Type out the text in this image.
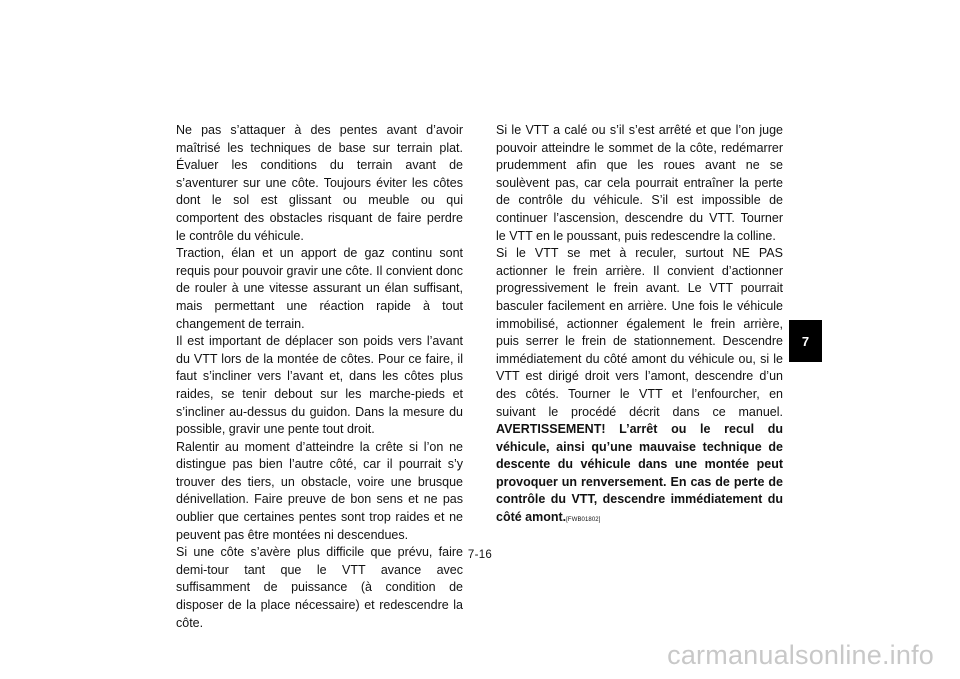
Ne pas s’attaquer à des pentes avant d’avoir maîtrisé les techniques de base sur terrain plat. Évaluer les conditions du terrain avant de s’aventurer sur une côte. Toujours éviter les côtes dont le sol est glissant ou meuble ou qui comportent des obstacles risquant de faire perdre le contrôle du véhicule.

Traction, élan et un apport de gaz continu sont requis pour pouvoir gravir une côte. Il convient donc de rouler à une vitesse assurant un élan suffisant, mais permettant une réaction rapide à tout changement de terrain.

Il est important de déplacer son poids vers l’avant du VTT lors de la montée de côtes. Pour ce faire, il faut s’incliner vers l’avant et, dans les côtes plus raides, se tenir debout sur les marche-pieds et s’incliner au-dessus du guidon. Dans la mesure du possible, gravir une pente tout droit.

Ralentir au moment d’atteindre la crête si l’on ne distingue pas bien l’autre côté, car il pourrait s’y trouver des tiers, un obstacle, voire une brusque dénivellation. Faire preuve de bon sens et ne pas oublier que certaines pentes sont trop raides et ne peuvent pas être montées ni descendues.

Si une côte s’avère plus difficile que prévu, faire demi-tour tant que le VTT avance avec suffisamment de puissance (à condition de disposer de la place nécessaire) et redescendre la côte.

Si le VTT a calé ou s’il s’est arrêté et que l’on juge pouvoir atteindre le sommet de la côte, redémarrer prudemment afin que les roues avant ne se soulèvent pas, car cela pourrait entraîner la perte de contrôle du véhicule. S’il est impossible de continuer l’ascension, descendre du VTT. Tourner le VTT en le poussant, puis redescendre la colline.

Si le VTT se met à reculer, surtout NE PAS actionner le frein arrière. Il convient d’actionner progressivement le frein avant. Le VTT pourrait basculer facilement en arrière. Une fois le véhicule immobilisé, actionner également le frein arrière, puis serrer le frein de stationnement. Descendre immédiatement du côté amont du véhicule ou, si le VTT est dirigé droit vers l’amont, descendre d’un des côtés. Tourner le VTT et l’enfourcher, en suivant le procédé décrit dans ce manuel. AVERTISSEMENT! L’arrêt ou le recul du véhicule, ainsi qu’une mauvaise technique de descente du véhicule dans une montée peut provoquer un renversement. En cas de perte de contrôle du VTT, descendre immédiatement du côté amont.[FWB01802]

7
7-16
carmanualsonline.info
